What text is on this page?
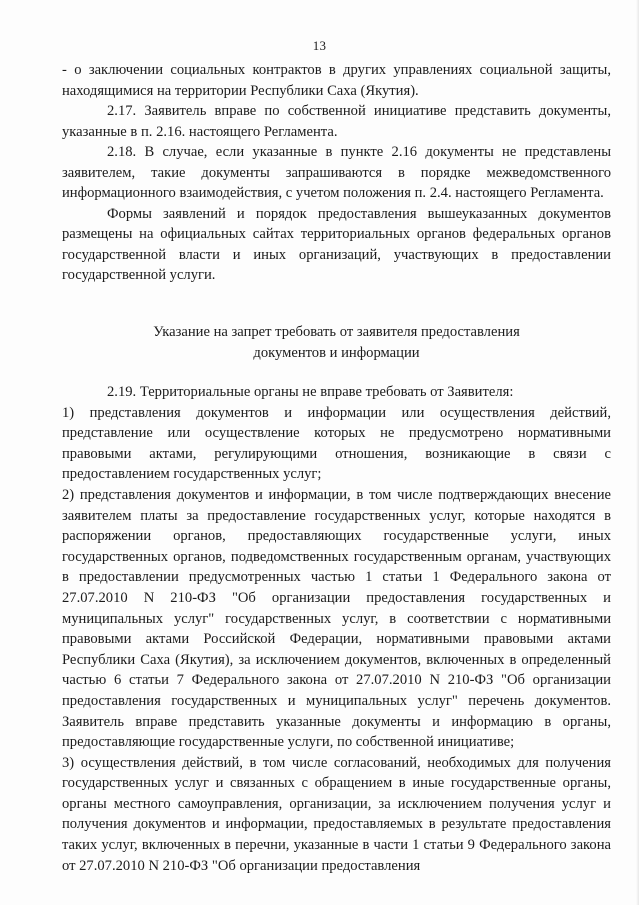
13

- о заключении социальных контрактов в других управлениях социальной защиты, находящимися на территории Республики Саха (Якутия).

2.17. Заявитель вправе по собственной инициативе представить документы, указанные в п. 2.16. настоящего Регламента.

2.18. В случае, если указанные в пункте 2.16 документы не представлены заявителем, такие документы запрашиваются в порядке межведомственного информационного взаимодействия, с учетом положения п. 2.4. настоящего Регламента.

Формы заявлений и порядок предоставления вышеуказанных документов размещены на официальных сайтах территориальных органов федеральных органов государственной власти и иных организаций, участвующих в предоставлении государственной услуги.

Указание на запрет требовать от заявителя предоставления
документов и информации

2.19. Территориальные органы не вправе требовать от Заявителя:

1) представления документов и информации или осуществления действий, представление или осуществление которых не предусмотрено нормативными правовыми актами, регулирующими отношения, возникающие в связи с предоставлением государственных услуг;

2) представления документов и информации, в том числе подтверждающих внесение заявителем платы за предоставление государственных услуг, которые находятся в распоряжении органов, предоставляющих государственные услуги, иных государственных органов, подведомственных государственным органам, участвующих в предоставлении предусмотренных частью 1 статьи 1 Федерального закона от 27.07.2010 N 210-ФЗ "Об организации предоставления государственных и муниципальных услуг" государственных услуг, в соответствии с нормативными правовыми актами Российской Федерации, нормативными правовыми актами Республики Саха (Якутия), за исключением документов, включенных в определенный частью 6 статьи 7 Федерального закона от 27.07.2010 N 210-ФЗ "Об организации предоставления государственных и муниципальных услуг" перечень документов. Заявитель вправе представить указанные документы и информацию в органы, предоставляющие государственные услуги, по собственной инициативе;

3) осуществления действий, в том числе согласований, необходимых для получения государственных услуг и связанных с обращением в иные государственные органы, органы местного самоуправления, организации, за исключением получения услуг и получения документов и информации, предоставляемых в результате предоставления таких услуг, включенных в перечни, указанные в части 1 статьи 9 Федерального закона от 27.07.2010 N 210-ФЗ "Об организации предоставления
